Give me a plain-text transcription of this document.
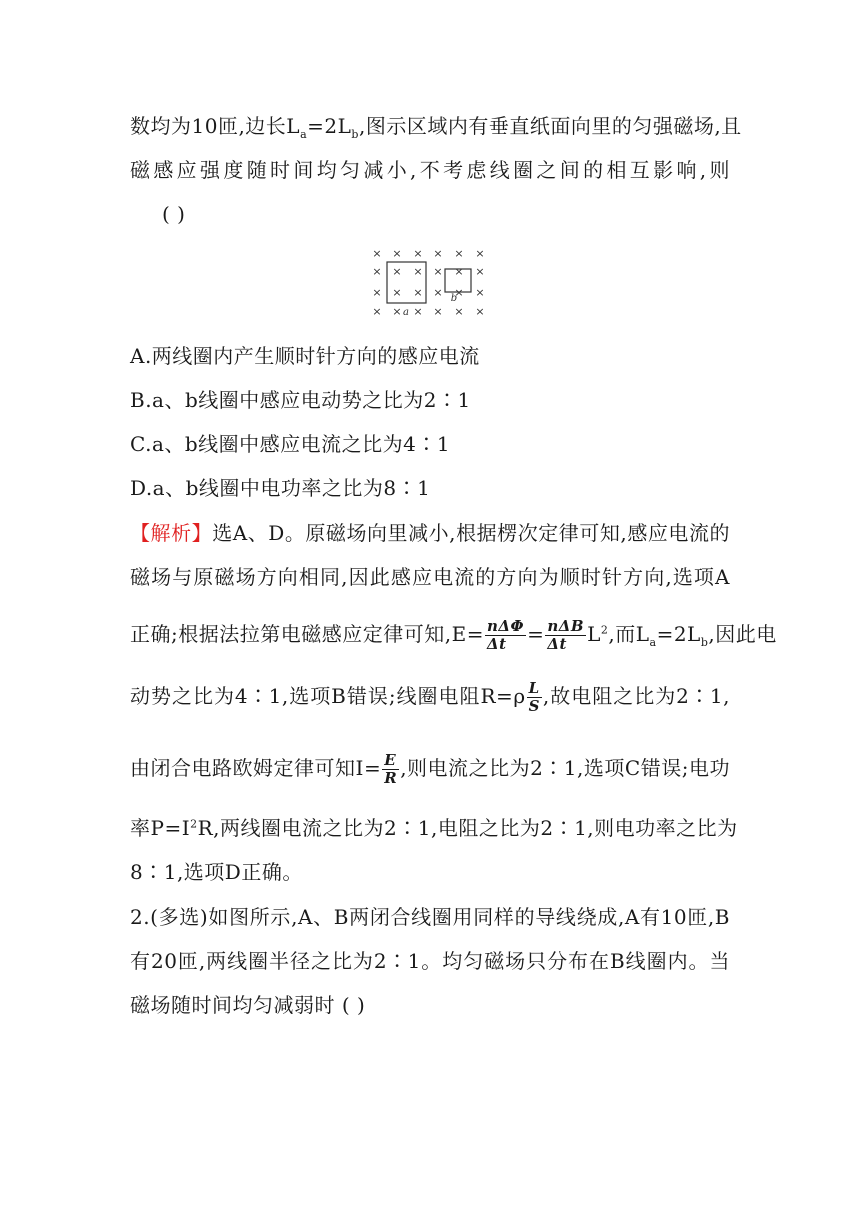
数均为10匝,边长$L_a=2L_b$,图示区域内有垂直纸面向里的匀强磁场,且
磁感应强度随时间均匀减小,不考虑线圈之间的相互影响,则
( )
× × × × × ×
× × × × × ×
× × × × × ×
× × × × × ×
a
b
A.两线圈内产生顺时针方向的感应电流
B.a、b线圈中感应电动势之比为2∶1
C.a、b线圈中感应电流之比为4∶1
D.a、b线圈中电功率之比为8∶1
【解析】选A、D。原磁场向里减小,根据楞次定律可知,感应电流的
磁场与原磁场方向相同,因此感应电流的方向为顺时针方向,选项A
正确;根据法拉第电磁感应定律可知$,E= \frac{\text{nΔΦ}}{\Delta t} = \frac{\text{nΔB}}{\Delta t} L^2$,而$L_a=2L_b$,因此电
动势之比为4∶1,选项B错误;线圈电阻$R=\rho \frac{L}{S}$ ,故电阻之比为2∶1,
由闭合电路欧姆定律可知$I= \frac{E}{R}$ ,则电流之比为2∶1,选项C错误;电功
率$P=I^2R$,两线圈电流之比为2∶1,电阻之比为2∶1,则电功率之比为
8∶1,选项D正确。
2.(多选)如图所示,A、B两闭合线圈用同样的导线绕成,A有10匝,B
有20匝,两线圈半径之比为2∶1。均匀磁场只分布在B线圈内。当
磁场随时间均匀减弱时 ( )
